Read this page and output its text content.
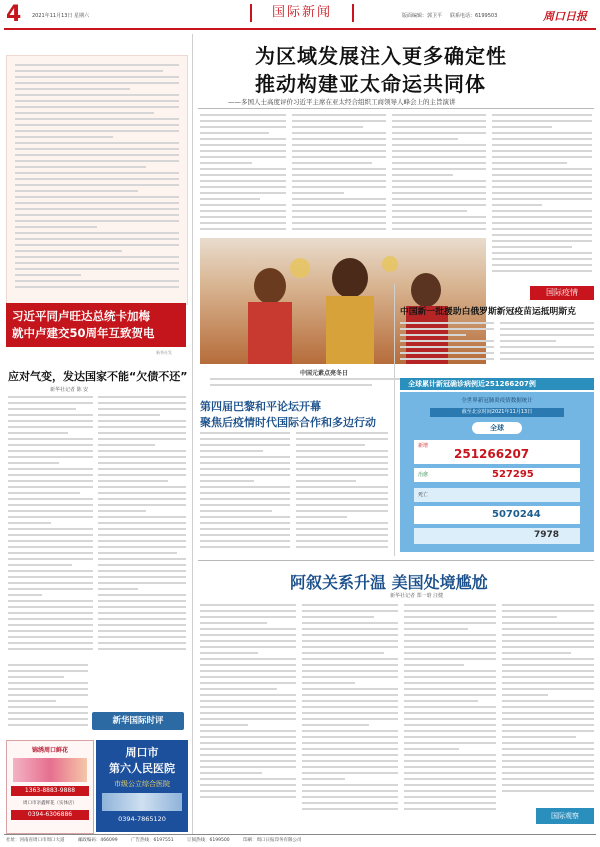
4 2021年11月13日 星期六	国际新闻	版面编辑：郭卫平 联系电话：6199503	周口日报
习近平同卢旺达总统卡加梅
就中卢建交50周年互致贺电
新华社发
应对气变，发达国家不能“欠债不还”
新华社记者 陈 安
新华国际时评
锦绣周口鲜花
1363-8883-9888
周口市亲鑫鲜花（实体店）
0394-6306886
周口市
第六人民医院
市级公立综合医院
0394-7865120
为区域发展注入更多确定性
推动构建亚太命运共同体
——多国人士高度评价习近平主席在亚太经合组织工商领导人峰会上的主旨演讲
中国元素点亮冬日
第四届巴黎和平论坛开幕
聚焦后疫情时代国际合作和多边行动
国际疫情
中国新一批援助白俄罗斯新冠疫苗运抵明斯克
全球累计新冠确诊病例近251266207例
全世界新冠肺炎疫情数据统计
截至北京时间2021年11月13日
全球
新增
251266207
治愈	527295
死亡
5070244
7978
阿叙关系升温 美国处境尴尬
新华社记者 郑一晗 汪健
国际观察
社址：河南省周口市周口大道	邮政编码：466099	广告热线：6197551	订阅热线：6199500	印刷：周口日报印务有限公司
